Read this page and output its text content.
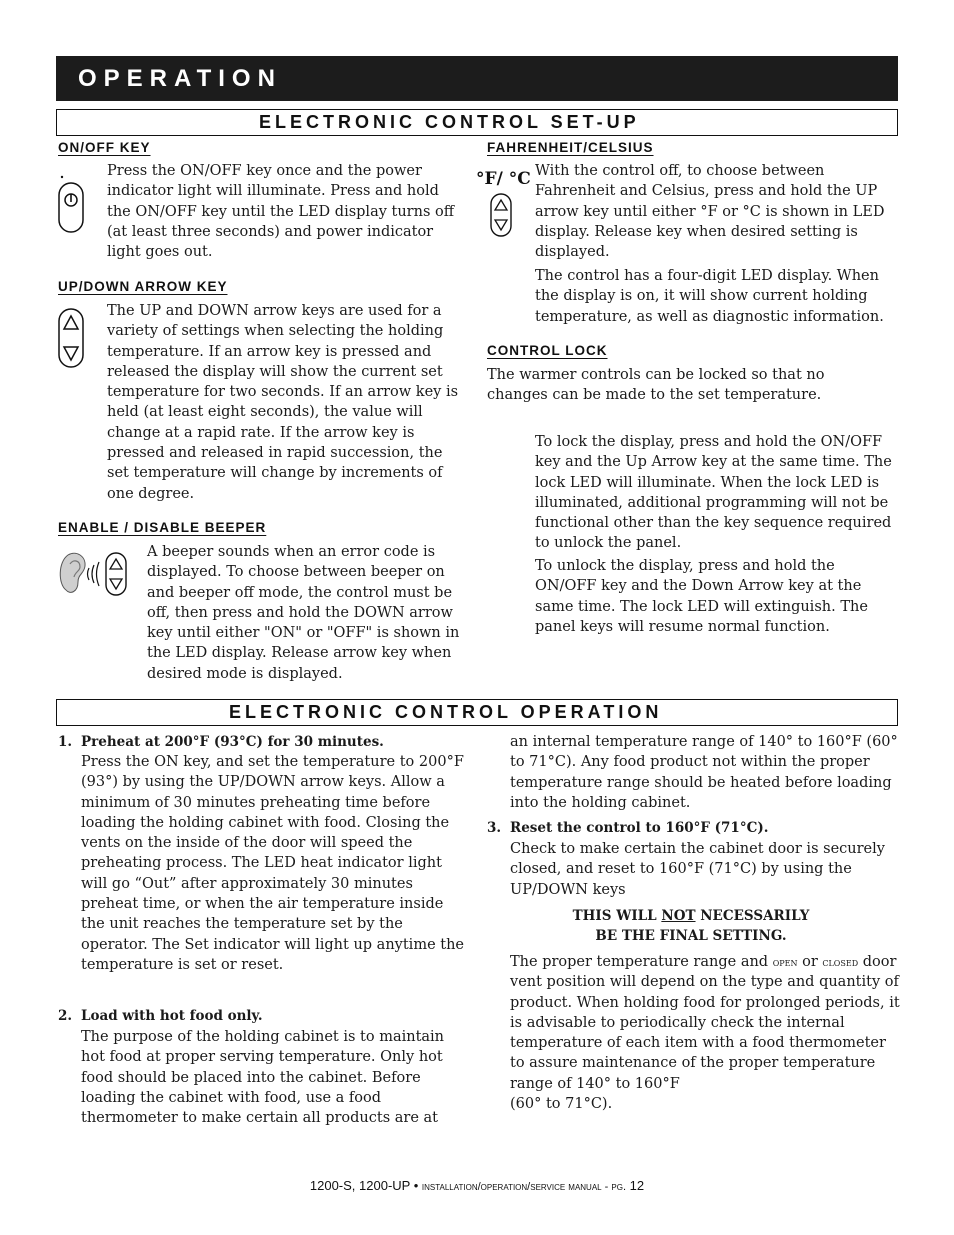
OPERATION
ELECTRONIC CONTROL SET-UP
ON/OFF KEY

Press the ON/OFF key once and the power indicator light will illuminate. Press and hold the ON/OFF key until the LED display turns off (at least three seconds) and power indicator light goes out.

UP/DOWN ARROW KEY

The UP and DOWN arrow keys are used for a variety of settings when selecting the holding temperature. If an arrow key is pressed and released the display will show the current set temperature for two seconds. If an arrow key is held (at least eight seconds), the value will change at a rapid rate. If the arrow key is pressed and released in rapid succession, the set temperature will change by increments of one degree.

ENABLE / DISABLE BEEPER

A beeper sounds when an error code is displayed. To choose between beeper on and beeper off mode, the control must be off, then press and hold the DOWN arrow key until either "ON" or "OFF" is shown in the LED display. Release arrow key when desired mode is displayed.

FAHRENHEIT/CELSIUS
°F/ °C With the control off, to choose between Fahrenheit and Celsius, press and hold the UP arrow key until either °F or °C is shown in LED display. Release key when desired setting is displayed.

The control has a four-digit LED display. When the display is on, it will show current holding temperature, as well as diagnostic information.

CONTROL LOCK

The warmer controls can be locked so that no changes can be made to the set temperature.

To lock the display, press and hold the ON/OFF key and the Up Arrow key at the same time. The lock LED will illuminate. When the lock LED is illuminated, additional programming will not be functional other than the key sequence required to unlock the panel.

To unlock the display, press and hold the ON/OFF key and the Down Arrow key at the same time. The lock LED will extinguish. The panel keys will resume normal function.

ELECTRONIC CONTROL OPERATION
1. Preheat at 200°F (93°C) for 30 minutes.

Press the ON key, and set the temperature to 200°F (93°) by using the UP/DOWN arrow keys. Allow a minimum of 30 minutes preheating time before loading the holding cabinet with food. Closing the vents on the inside of the door will speed the preheating process. The LED heat indicator light will go “Out” after approximately 30 minutes preheat time, or when the air temperature inside the unit reaches the temperature set by the operator. The Set indicator will light up anytime the temperature is set or reset.

2. Load with hot food only.

The purpose of the holding cabinet is to maintain hot food at proper serving temperature. Only hot food should be placed into the cabinet. Before loading the cabinet with food, use a food thermometer to make certain all products are at

an internal temperature range of 140° to 160°F (60° to 71°C). Any food product not within the proper temperature range should be heated before loading into the holding cabinet.

3. Reset the control to 160°F (71°C).

Check to make certain the cabinet door is securely closed, and reset to 160°F (71°C) by using the UP/DOWN keys

THIS WILL NOT NECESSARILY
BE THE FINAL SETTING.

The proper temperature range and open or closed door vent position will depend on the type and quantity of product. When holding food for prolonged periods, it is advisable to periodically check the internal temperature of each item with a food thermometer to assure maintenance of the proper temperature range of 140° to 160°F
(60° to 71°C).

1200-S, 1200-UP • installation/operation/service manual - pg. 12
